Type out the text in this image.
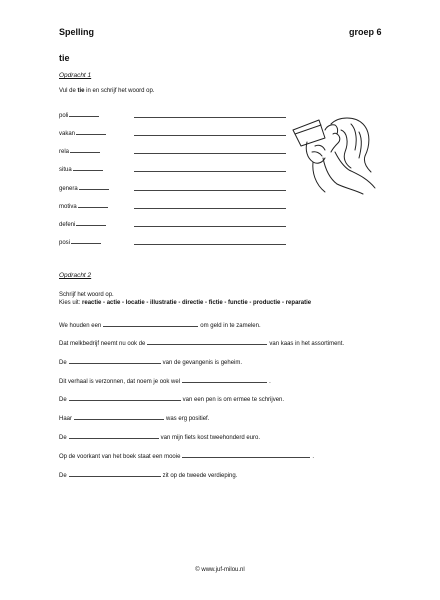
Spelling	groep 6
tie
Opdracht 1
Vul de tie in en schrijf het woord op.
poli
vakan
rela
situa
genera
motiva
defeni
posi
Opdracht 2
Schrijf het woord op.
Kies uit: reactie - actie - locatie - illustratie - directie - fictie - functie - productie - reparatie
We houden een	om geld in te zamelen.
Dat melkbedrijf neemt nu ook de	van kaas in het assortiment.
De	van de gevangenis is geheim.
Dit verhaal is verzonnen, dat noem je ook wel	.
De	van een pen is om ermee te schrijven.
Haar	was erg positief.
De	van mijn fiets kost tweehonderd euro.
Op de voorkant van het boek staat een mooie	.
De	zit op de tweede verdieping.
© www.juf-milou.nl
